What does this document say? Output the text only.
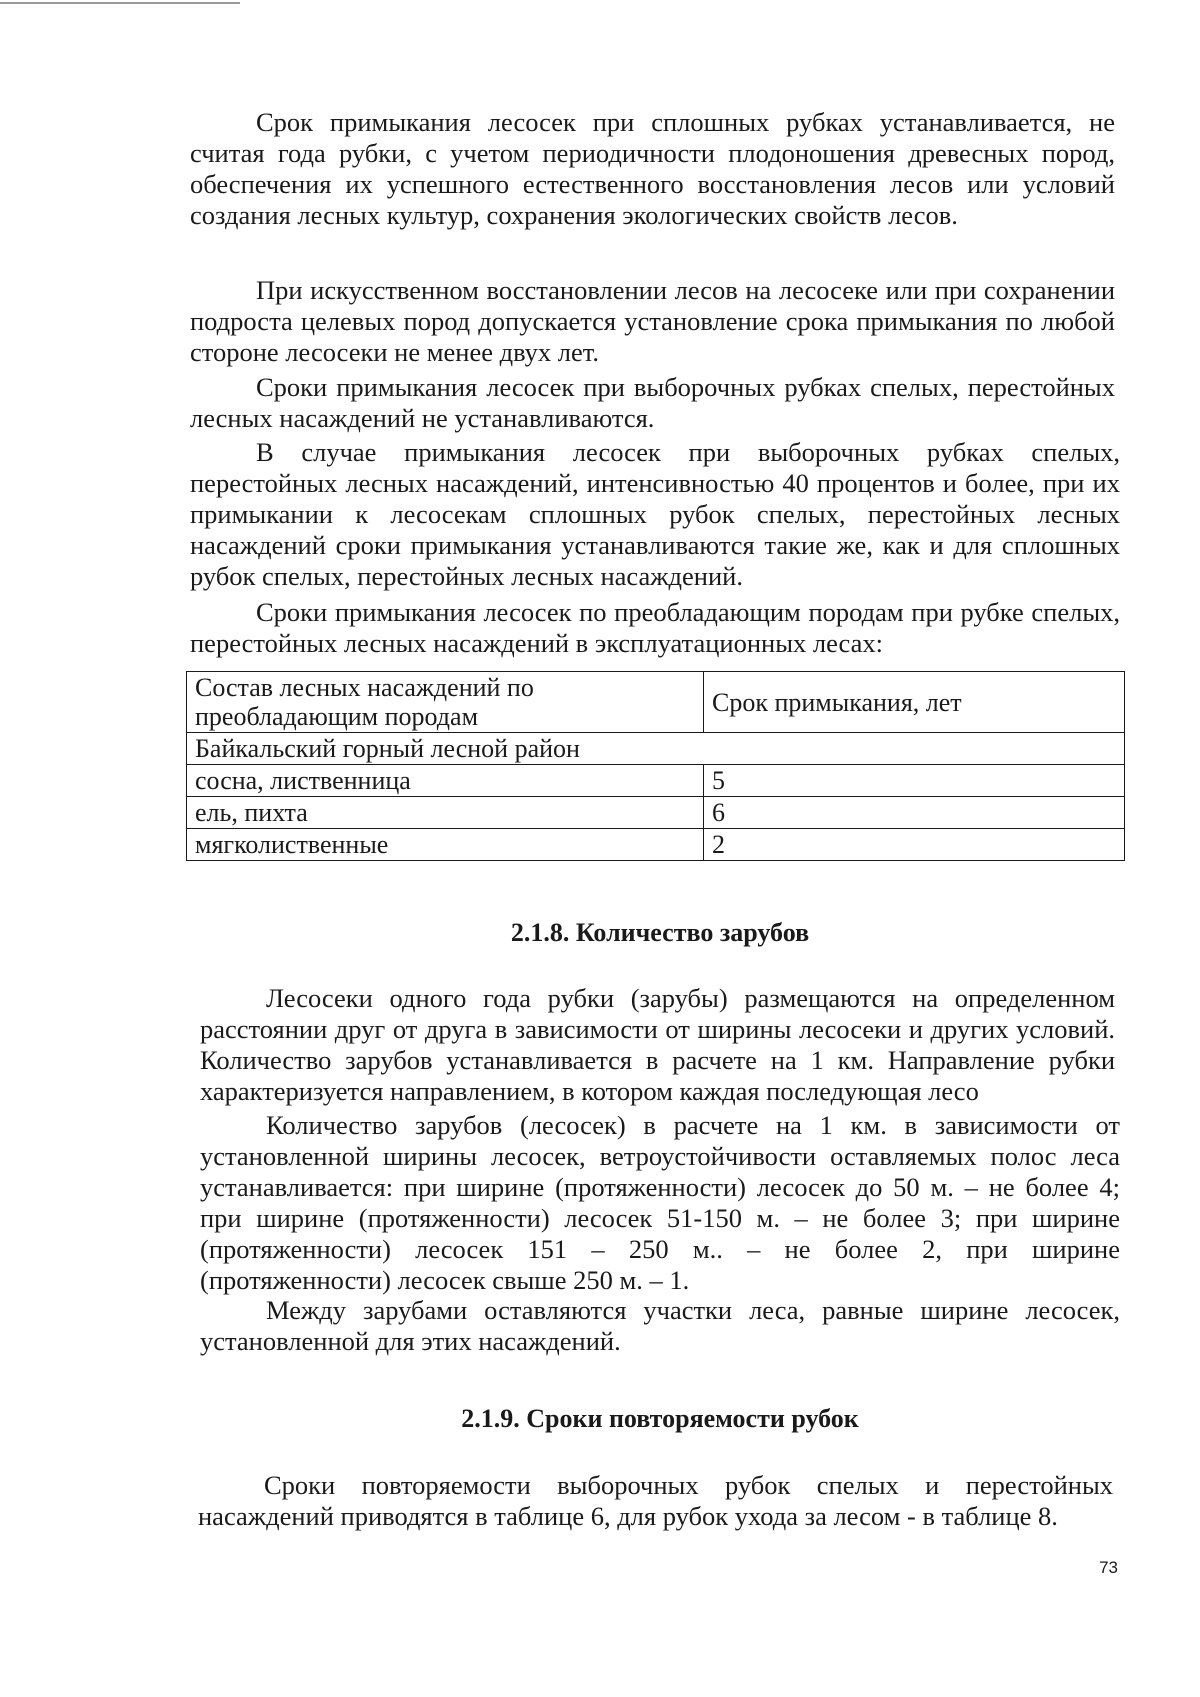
Срок примыкания лесосек при сплошных рубках устанавливается, не считая года рубки, с учетом периодичности плодоношения древесных пород, обеспечения их успешного естественного восстановления лесов или условий создания лесных культур, сохранения экологических свойств лесов.

При искусственном восстановлении лесов на лесосеке или при сохранении подроста целевых пород допускается установление срока примыкания по любой стороне лесосеки не менее двух лет.

Сроки примыкания лесосек при выборочных рубках спелых, перестойных лесных насаждений не устанавливаются.

В случае примыкания лесосек при выборочных рубках спелых, перестойных лесных насаждений, интенсивностью 40 процентов и более, при их примыкании к лесосекам сплошных рубок спелых, перестойных лесных насаждений сроки примыкания устанавливаются такие же, как и для сплошных рубок спелых, перестойных лесных насаждений.

Сроки примыкания лесосек по преобладающим породам при рубке спелых, перестойных лесных насаждений в эксплуатационных лесах:

Состав лесных насаждений по преобладающим породам	Срок примыкания, лет
Байкальский горный лесной район	
сосна, лиственница	5
ель, пихта	6
мягколиственные	2
2.1.8. Количество зарубов

Лесосеки одного года рубки (зарубы) размещаются на определенном расстоянии друг от друга в зависимости от ширины лесосеки и других условий. Количество зарубов устанавливается в расчете на 1 км. Направление рубки характеризуется направлением, в котором каждая последующая лесо

Количество зарубов (лесосек) в расчете на 1 км. в зависимости от установленной ширины лесосек, ветроустойчивости оставляемых полос леса устанавливается: при ширине (протяженности) лесосек до 50 м. – не более 4; при ширине (протяженности) лесосек 51-150 м. – не более 3; при ширине (протяженности) лесосек 151 – 250 м.. – не более 2, при ширине (протяженности) лесосек свыше 250 м. – 1.

Между зарубами оставляются участки леса, равные ширине лесосек, установленной для этих насаждений.

2.1.9. Сроки повторяемости рубок

Сроки повторяемости выборочных рубок спелых и перестойных насаждений приводятся в таблице 6, для рубок ухода за лесом - в таблице 8.

73
